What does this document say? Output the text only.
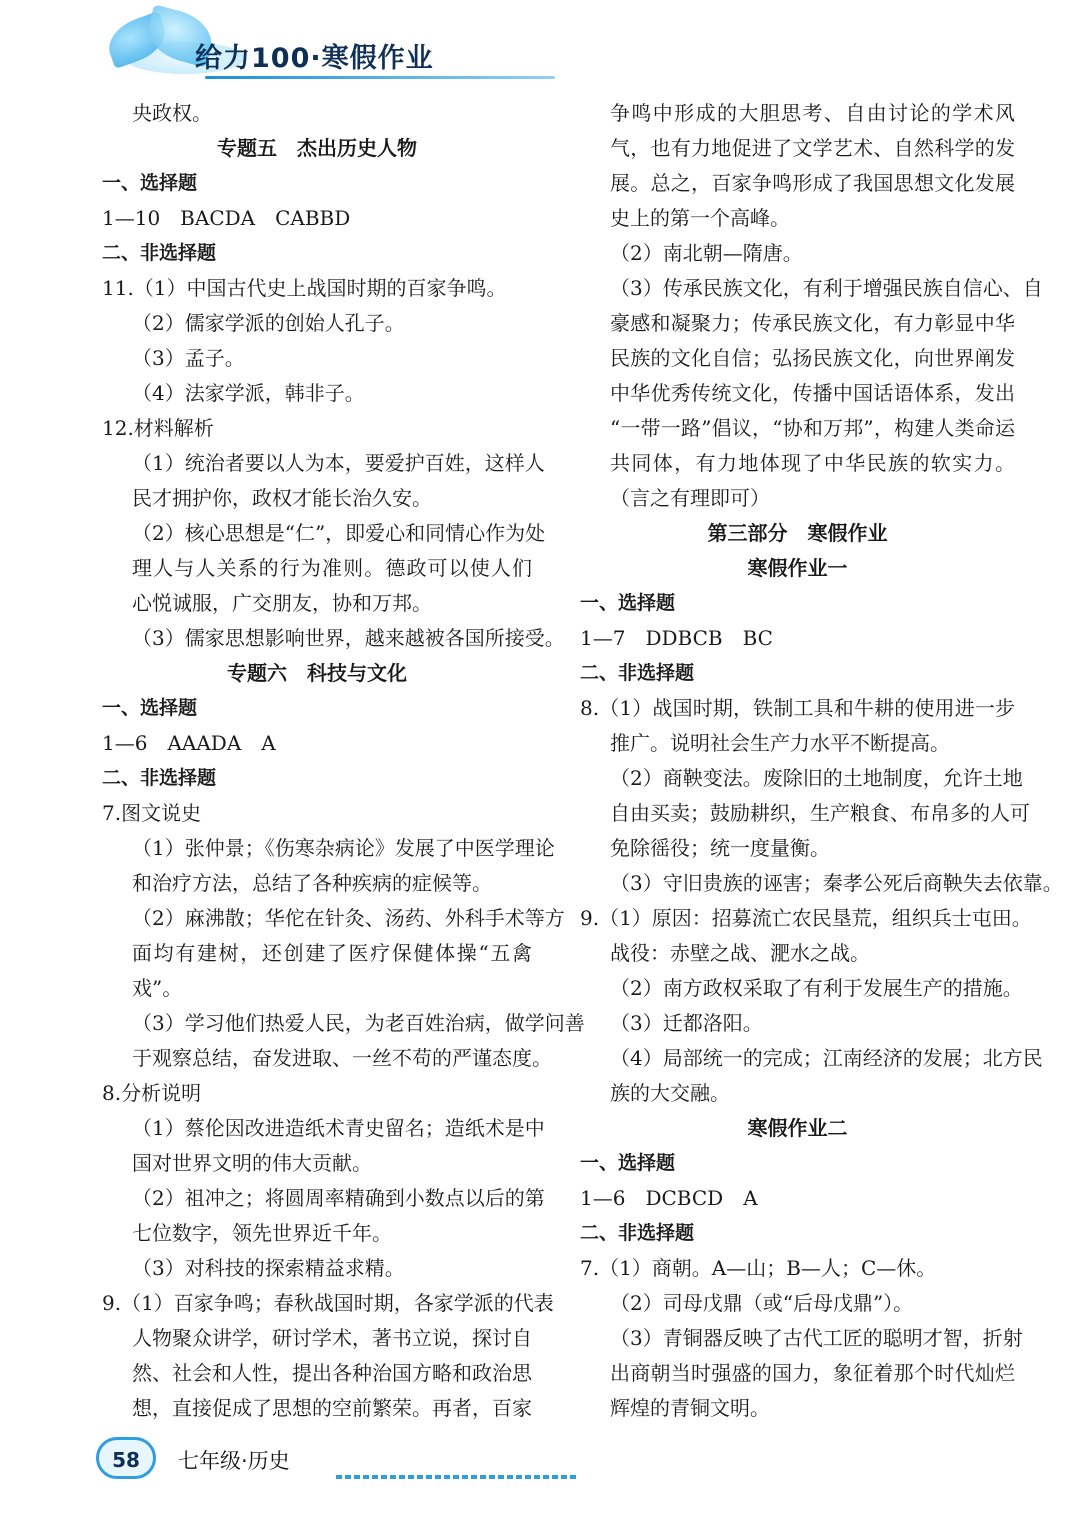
给力100·寒假作业
央政权。
专题五　杰出历史人物
一、选择题
1—10　BACDA　CABBD
二、非选择题
11.（1）中国古代史上战国时期的百家争鸣。
（2）儒家学派的创始人孔子。
（3）孟子。
（4）法家学派，韩非子。
12.材料解析
（1）统治者要以人为本，要爱护百姓，这样人
民才拥护你，政权才能长治久安。
（2）核心思想是“仁”，即爱心和同情心作为处
理人与人关系的行为准则。德政可以使人们
心悦诚服，广交朋友，协和万邦。
（3）儒家思想影响世界，越来越被各国所接受。
专题六　科技与文化
一、选择题
1—6　AAADA　A
二、非选择题
7.图文说史
（1）张仲景；《伤寒杂病论》发展了中医学理论
和治疗方法，总结了各种疾病的症候等。
（2）麻沸散；华佗在针灸、汤药、外科手术等方
面均有建树，还创建了医疗保健体操“五禽
戏”。
（3）学习他们热爱人民，为老百姓治病，做学问善
于观察总结，奋发进取、一丝不苟的严谨态度。
8.分析说明
（1）蔡伦因改进造纸术青史留名；造纸术是中
国对世界文明的伟大贡献。
（2）祖冲之；将圆周率精确到小数点以后的第
七位数字，领先世界近千年。
（3）对科技的探索精益求精。
9.（1）百家争鸣；春秋战国时期，各家学派的代表
人物聚众讲学，研讨学术，著书立说，探讨自
然、社会和人性，提出各种治国方略和政治思
想，直接促成了思想的空前繁荣。再者，百家
争鸣中形成的大胆思考、自由讨论的学术风
气，也有力地促进了文学艺术、自然科学的发
展。总之，百家争鸣形成了我国思想文化发展
史上的第一个高峰。
（2）南北朝—隋唐。
（3）传承民族文化，有利于增强民族自信心、自
豪感和凝聚力；传承民族文化，有力彰显中华
民族的文化自信；弘扬民族文化，向世界阐发
中华优秀传统文化，传播中国话语体系，发出
“一带一路”倡议，“协和万邦”，构建人类命运
共同体，有力地体现了中华民族的软实力。
（言之有理即可）
第三部分　寒假作业
寒假作业一
一、选择题
1—7　DDBCB　BC
二、非选择题
8.（1）战国时期，铁制工具和牛耕的使用进一步
推广。说明社会生产力水平不断提高。
（2）商鞅变法。废除旧的土地制度，允许土地
自由买卖；鼓励耕织，生产粮食、布帛多的人可
免除徭役；统一度量衡。
（3）守旧贵族的诬害；秦孝公死后商鞅失去依靠。
9.（1）原因：招募流亡农民垦荒，组织兵士屯田。
战役：赤壁之战、淝水之战。
（2）南方政权采取了有利于发展生产的措施。
（3）迁都洛阳。
（4）局部统一的完成；江南经济的发展；北方民
族的大交融。
寒假作业二
一、选择题
1—6　DCBCD　A
二、非选择题
7.（1）商朝。A—山；B—人；C—休。
（2）司母戊鼎（或“后母戊鼎”）。
（3）青铜器反映了古代工匠的聪明才智，折射
出商朝当时强盛的国力，象征着那个时代灿烂
辉煌的青铜文明。
58	七年级·历史
